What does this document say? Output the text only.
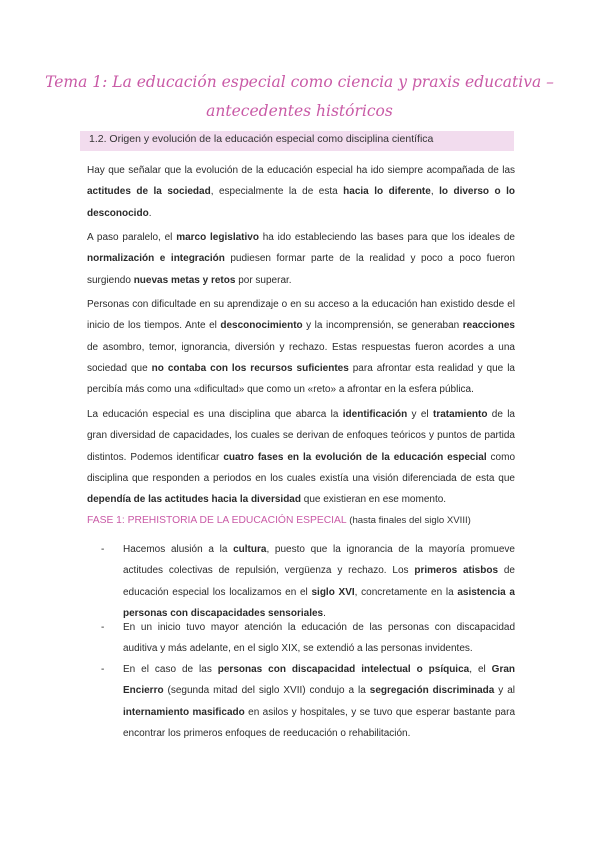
Tema 1: La educación especial como ciencia y praxis educativa –
antecedentes históricos
1.2. Origen y evolución de la educación especial como disciplina científica
Hay que señalar que la evolución de la educación especial ha ido siempre acompañada de las actitudes de la sociedad, especialmente la de esta hacia lo diferente, lo diverso o lo desconocido.
A paso paralelo, el marco legislativo ha ido estableciendo las bases para que los ideales de normalización e integración pudiesen formar parte de la realidad y poco a poco fueron surgiendo nuevas metas y retos por superar.
Personas con dificultade en su aprendizaje o en su acceso a la educación han existido desde el inicio de los tiempos. Ante el desconocimiento y la incomprensión, se generaban reacciones de asombro, temor, ignorancia, diversión y rechazo. Estas respuestas fueron acordes a una sociedad que no contaba con los recursos suficientes para afrontar esta realidad y que la percibía más como una «dificultad» que como un «reto» a afrontar en la esfera pública.
La educación especial es una disciplina que abarca la identificación y el tratamiento de la gran diversidad de capacidades, los cuales se derivan de enfoques teóricos y puntos de partida distintos. Podemos identificar cuatro fases en la evolución de la educación especial como disciplina que responden a periodos en los cuales existía una visión diferenciada de esta que dependía de las actitudes hacia la diversidad que existieran en ese momento.
FASE 1: PREHISTORIA DE LA EDUCACIÓN ESPECIAL (hasta finales del siglo XVIII)
- Hacemos alusión a la cultura, puesto que la ignorancia de la mayoría promueve actitudes colectivas de repulsión, vergüenza y rechazo. Los primeros atisbos de educación especial los localizamos en el siglo XVI, concretamente en la asistencia a personas con discapacidades sensoriales.
- En un inicio tuvo mayor atención la educación de las personas con discapacidad auditiva y más adelante, en el siglo XIX, se extendió a las personas invidentes.
- En el caso de las personas con discapacidad intelectual o psíquica, el Gran Encierro (segunda mitad del siglo XVII) condujo a la segregación discriminada y al internamiento masificado en asilos y hospitales, y se tuvo que esperar bastante para encontrar los primeros enfoques de reeducación o rehabilitación.
